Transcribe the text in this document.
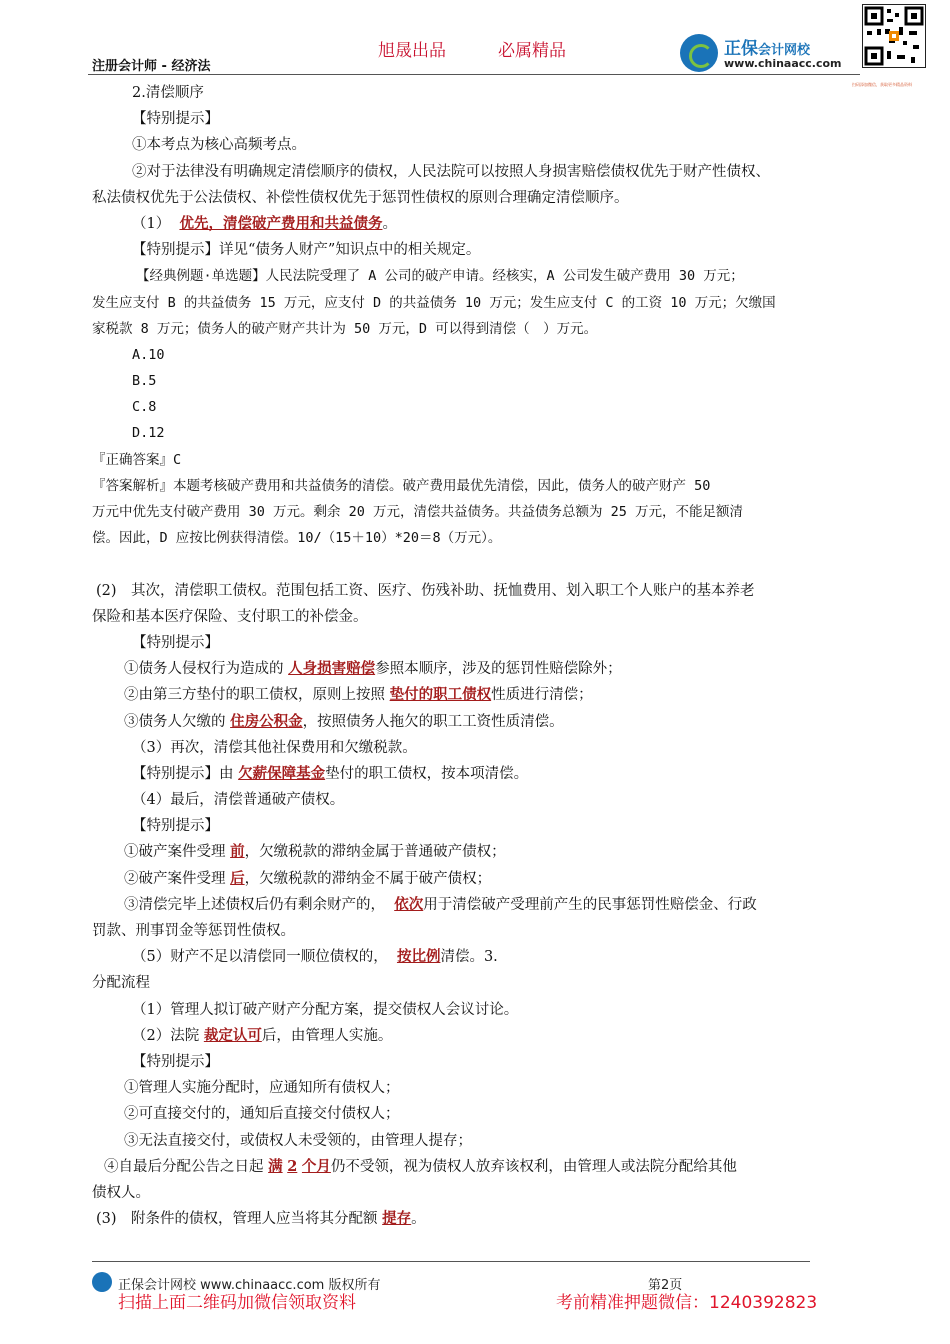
旭晟出品	必属精品
注册会计师 - 经济法
正保会计网校
www.chinaacc.com
扫码添加微信，获取更多精品资料
2.清偿顺序
【特别提示】
①本考点为核心高频考点。
②对于法律没有明确规定清偿顺序的债权，人民法院可以按照人身损害赔偿债权优先于财产性债权、
私法债权优先于公法债权、补偿性债权优先于惩罚性债权的原则合理确定清偿顺序。
（1） 优先，清偿破产费用和共益债务。
【特别提示】详见“债务人财产”知识点中的相关规定。
【经典例题·单选题】人民法院受理了 A 公司的破产申请。经核实，A 公司发生破产费用 30 万元；
发生应支付 B 的共益债务 15 万元，应支付 D 的共益债务 10 万元；发生应支付 C 的工资 10 万元；欠缴国
家税款 8 万元；债务人的破产财产共计为 50 万元，D 可以得到清偿（　）万元。
A.10
B.5
C.8
D.12
『正确答案』C
『答案解析』本题考核破产费用和共益债务的清偿。破产费用最优先清偿，因此，债务人的破产财产 50
万元中优先支付破产费用 30 万元。剩余 20 万元，清偿共益债务。共益债务总额为 25 万元，不能足额清
偿。因此，D 应按比例获得清偿。10/（15＋10）*20＝8（万元）。
(2)　其次，清偿职工债权。范围包括工资、医疗、伤残补助、抚恤费用、划入职工个人账户的基本养老
保险和基本医疗保险、支付职工的补偿金。
【特别提示】
①债务人侵权行为造成的 人身损害赔偿参照本顺序，涉及的惩罚性赔偿除外；
②由第三方垫付的职工债权，原则上按照 垫付的职工债权性质进行清偿；
③债务人欠缴的 住房公积金，按照债务人拖欠的职工工资性质清偿。
（3）再次，清偿其他社保费用和欠缴税款。
【特别提示】由 欠薪保障基金垫付的职工债权，按本项清偿。
（4）最后，清偿普通破产债权。
【特别提示】
①破产案件受理 前，欠缴税款的滞纳金属于普通破产债权；
②破产案件受理 后，欠缴税款的滞纳金不属于破产债权；
③清偿完毕上述债权后仍有剩余财产的， 依次用于清偿破产受理前产生的民事惩罚性赔偿金、行政
罚款、刑事罚金等惩罚性债权。
（5）财产不足以清偿同一顺位债权的， 按比例清偿。3.
分配流程
（1）管理人拟订破产财产分配方案，提交债权人会议讨论。
（2）法院 裁定认可后，由管理人实施。
【特别提示】
①管理人实施分配时，应通知所有债权人；
②可直接交付的，通知后直接交付债权人；
③无法直接交付，或债权人未受领的，由管理人提存；
④自最后分配公告之日起 满 2 个月仍不受领，视为债权人放弃该权利，由管理人或法院分配给其他
债权人。
(3)　附条件的债权，管理人应当将其分配额 提存。
正保会计网校 www.chinaacc.com 版权所有	第2页
扫描上面二维码加微信领取资料	考前精准押题微信：1240392823
